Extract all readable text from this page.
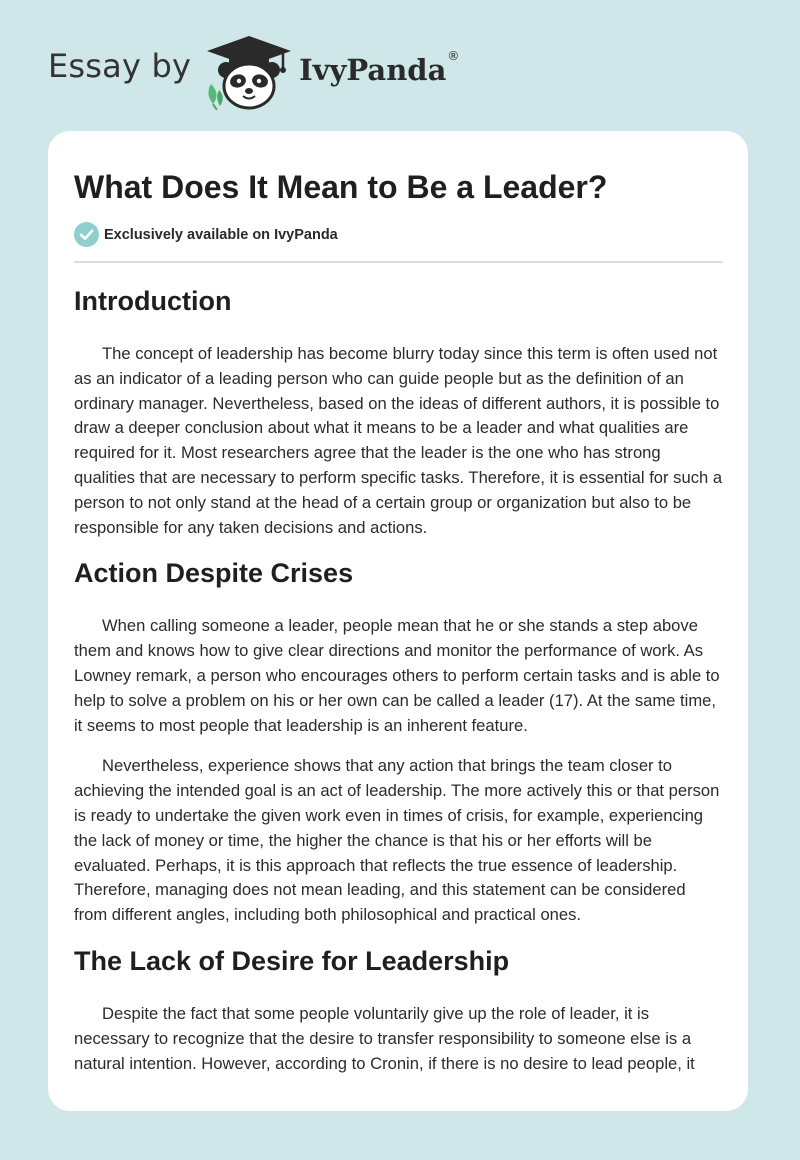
Essay by	IvyPanda ®
What Does It Mean to Be a Leader?
Exclusively available on IvyPanda
Introduction

The concept of leadership has become blurry today since this term is often used not as an indicator of a leading person who can guide people but as the definition of an ordinary manager. Nevertheless, based on the ideas of different authors, it is possible to draw a deeper conclusion about what it means to be a leader and what qualities are required for it. Most researchers agree that the leader is the one who has strong qualities that are necessary to perform specific tasks. Therefore, it is essential for such a person to not only stand at the head of a certain group or organization but also to be responsible for any taken decisions and actions.

Action Despite Crises

When calling someone a leader, people mean that he or she stands a step above them and knows how to give clear directions and monitor the performance of work. As Lowney remark, a person who encourages others to perform certain tasks and is able to help to solve a problem on his or her own can be called a leader (17). At the same time, it seems to most people that leadership is an inherent feature.

Nevertheless, experience shows that any action that brings the team closer to achieving the intended goal is an act of leadership. The more actively this or that person is ready to undertake the given work even in times of crisis, for example, experiencing the lack of money or time, the higher the chance is that his or her efforts will be evaluated. Perhaps, it is this approach that reflects the true essence of leadership. Therefore, managing does not mean leading, and this statement can be considered from different angles, including both philosophical and practical ones.

The Lack of Desire for Leadership

Despite the fact that some people voluntarily give up the role of leader, it is necessary to recognize that the desire to transfer responsibility to someone else is a natural intention. However, according to Cronin, if there is no desire to lead people, it
